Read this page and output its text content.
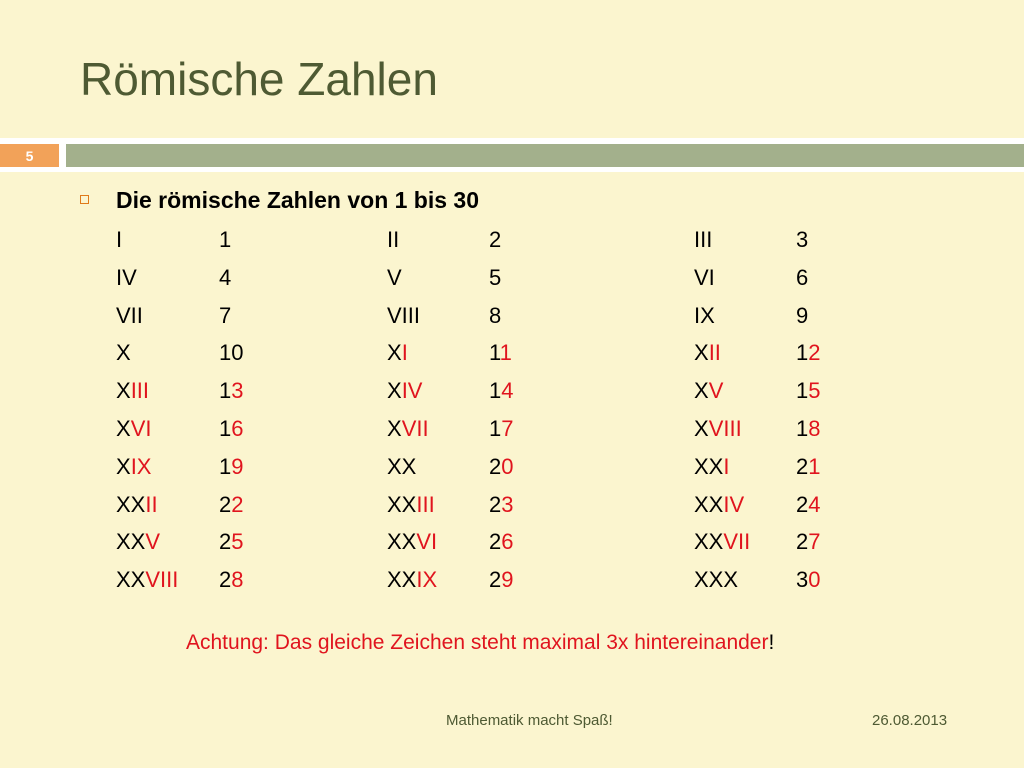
Römische Zahlen
5
Die römische Zahlen von 1 bis 30
I	1	II	2	III	3
IV	4	V	5	VI	6
VII	7	VIII	8	IX	9
X	10	XI	11	XII	12
XIII	13	XIV	14	XV	15
XVI	16	XVII	17	XVIII 18
XIX	19	XX	20	XXI	21
XXII	22	XXIII 23	XXIV 24
XXV	25	XXVI 26	XXVII 27
XXVIII 28	XXIX 29	XXX	30
Achtung: Das gleiche Zeichen steht maximal 3x hintereinander!
Mathematik macht Spaß!	26.08.2013
